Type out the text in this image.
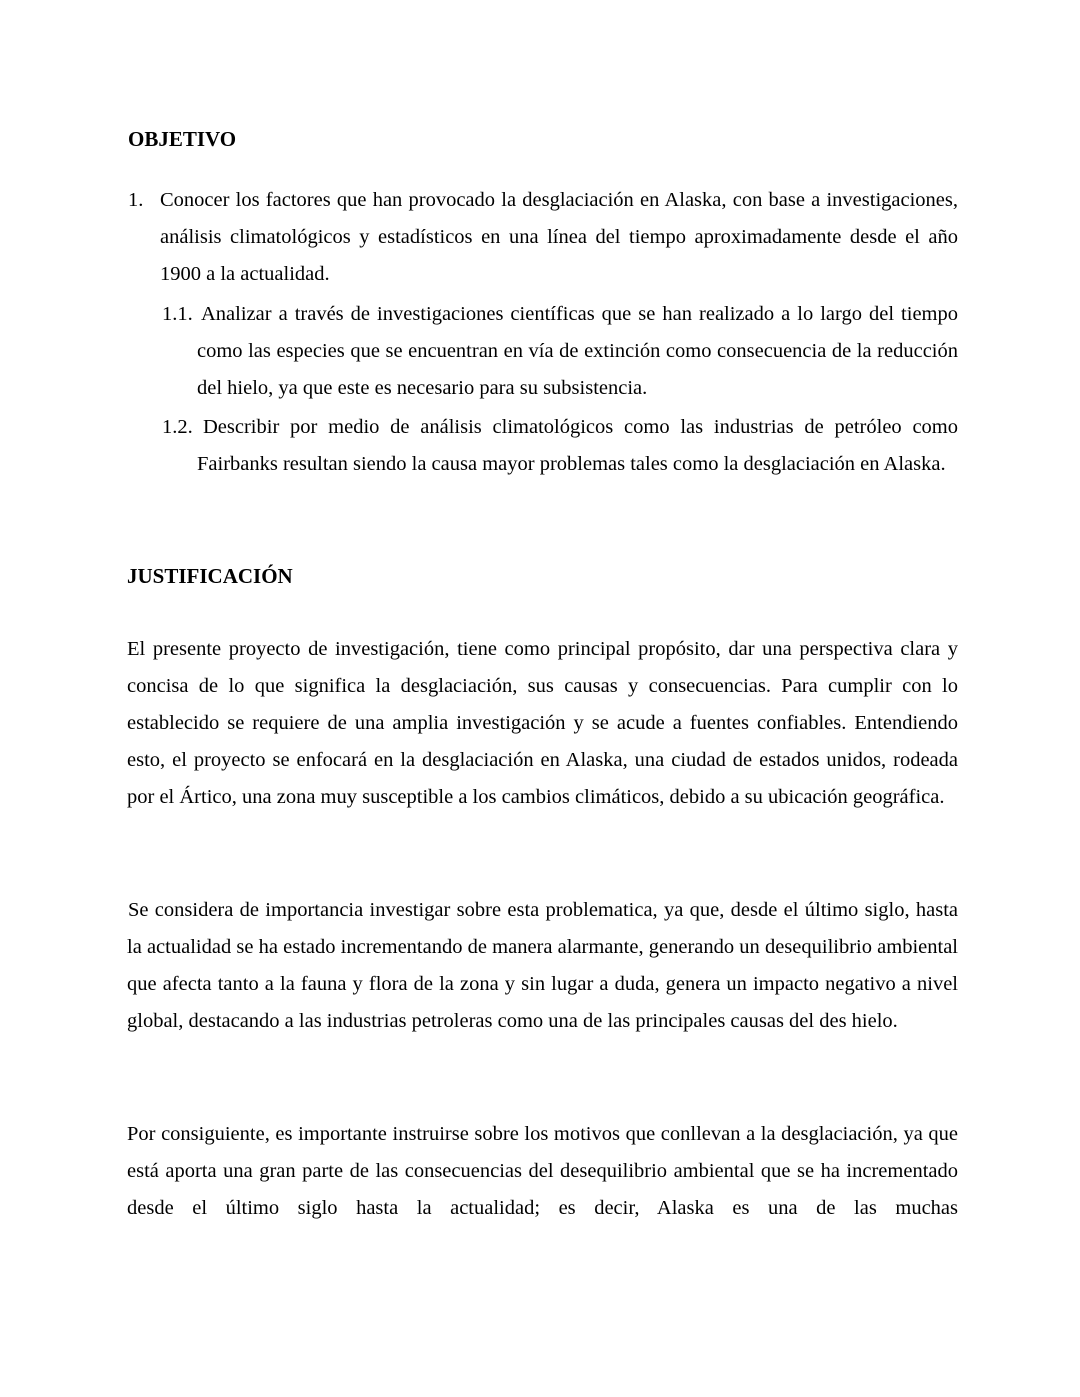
OBJETIVO
1. Conocer los factores que han provocado la desglaciación en Alaska, con base a investigaciones, análisis climatológicos y estadísticos en una línea del tiempo aproximadamente desde el año 1900 a la actualidad.

1.1. Analizar a través de investigaciones científicas que se han realizado a lo largo del tiempo como las especies que se encuentran en vía de extinción como consecuencia de la reducción del hielo, ya que este es necesario para su subsistencia.

1.2. Describir por medio de análisis climatológicos como las industrias de petróleo como Fairbanks resultan siendo la causa mayor problemas tales como la desglaciación en Alaska.

JUSTIFICACIÓN

El presente proyecto de investigación, tiene como principal propósito, dar una perspectiva clara y concisa de lo que significa la desglaciación, sus causas y consecuencias. Para cumplir con lo establecido se requiere de una amplia investigación y se acude a fuentes confiables. Entendiendo esto, el proyecto se enfocará en la desglaciación en Alaska, una ciudad de estados unidos, rodeada por el Ártico, una zona muy susceptible a los cambios climáticos, debido a su ubicación geográfica.

Se considera de importancia investigar sobre esta problematica, ya que, desde el último siglo, hasta la actualidad se ha estado incrementando de manera alarmante, generando un desequilibrio ambiental que afecta tanto a la fauna y flora de la zona y sin lugar a duda, genera un impacto negativo a nivel global, destacando a las industrias petroleras como una de las principales causas del des hielo.

Por consiguiente, es importante instruirse sobre los motivos que conllevan a la desglaciación, ya que está aporta una gran parte de las consecuencias del desequilibrio ambiental que se ha incrementado desde el último siglo hasta la actualidad; es decir, Alaska es una de las muchas
